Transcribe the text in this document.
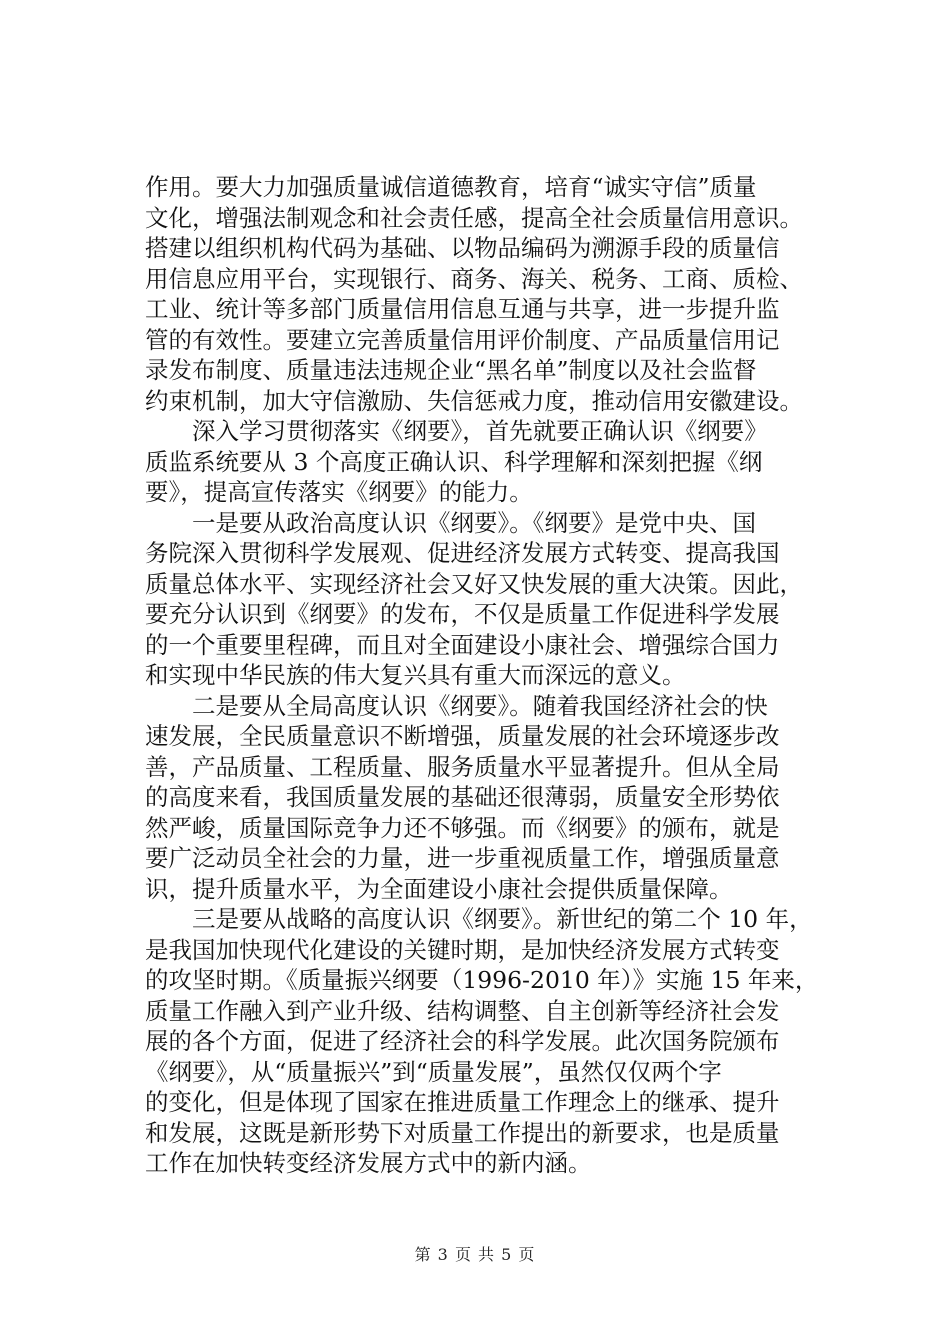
作用。要大力加强质量诚信道德教育，培育“诚实守信”质量
文化，增强法制观念和社会责任感，提高全社会质量信用意识。
搭建以组织机构代码为基础、以物品编码为溯源手段的质量信
用信息应用平台，实现银行、商务、海关、税务、工商、质检、
工业、统计等多部门质量信用信息互通与共享，进一步提升监
管的有效性。要建立完善质量信用评价制度、产品质量信用记
录发布制度、质量违法违规企业“黑名单”制度以及社会监督
约束机制，加大守信激励、失信惩戒力度，推动信用安徽建设。
　　深入学习贯彻落实《纲要》，首先就要正确认识《纲要》
质监系统要从 3 个高度正确认识、科学理解和深刻把握《纲
要》，提高宣传落实《纲要》的能力。
　　一是要从政治高度认识《纲要》。《纲要》是党中央、国
务院深入贯彻科学发展观、促进经济发展方式转变、提高我国
质量总体水平、实现经济社会又好又快发展的重大决策。因此，
要充分认识到《纲要》的发布，不仅是质量工作促进科学发展
的一个重要里程碑，而且对全面建设小康社会、增强综合国力
和实现中华民族的伟大复兴具有重大而深远的意义。
　　二是要从全局高度认识《纲要》。随着我国经济社会的快
速发展，全民质量意识不断增强，质量发展的社会环境逐步改
善，产品质量、工程质量、服务质量水平显著提升。但从全局
的高度来看，我国质量发展的基础还很薄弱，质量安全形势依
然严峻，质量国际竞争力还不够强。而《纲要》的颁布，就是
要广泛动员全社会的力量，进一步重视质量工作，增强质量意
识，提升质量水平，为全面建设小康社会提供质量保障。
　　三是要从战略的高度认识《纲要》。新世纪的第二个 10 年，
是我国加快现代化建设的关键时期，是加快经济发展方式转变
的攻坚时期。《质量振兴纲要（1996-2010 年）》实施 15 年来，
质量工作融入到产业升级、结构调整、自主创新等经济社会发
展的各个方面，促进了经济社会的科学发展。此次国务院颁布
《纲要》，从“质量振兴”到“质量发展”，虽然仅仅两个字
的变化，但是体现了国家在推进质量工作理念上的继承、提升
和发展，这既是新形势下对质量工作提出的新要求，也是质量
工作在加快转变经济发展方式中的新内涵。
第 3 页 共 5 页
